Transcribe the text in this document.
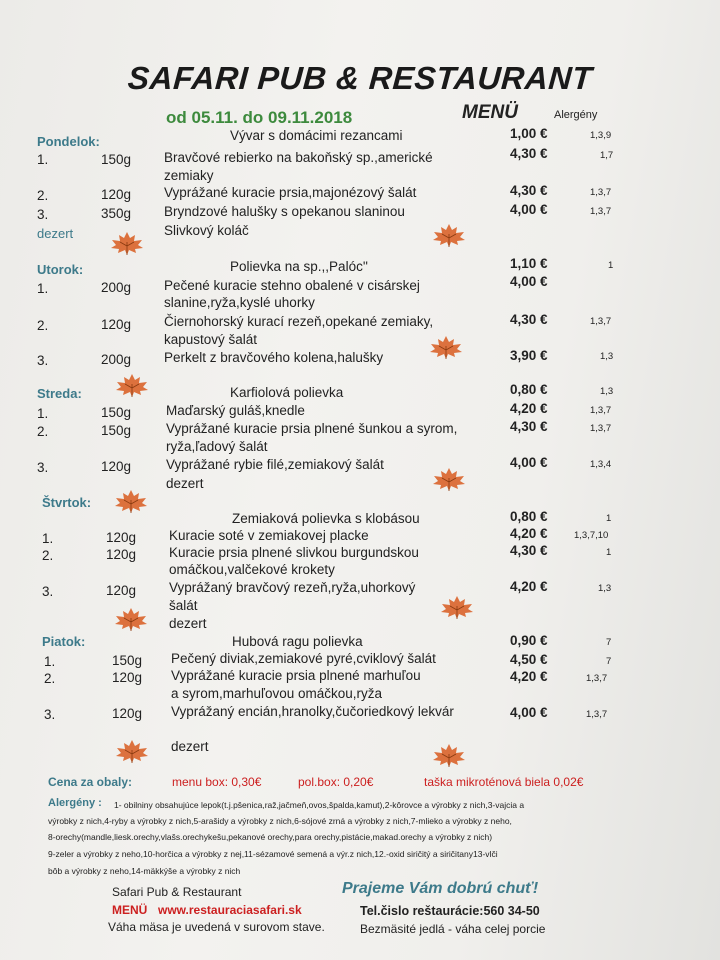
SAFARI PUB & RESTAURANT
od 05.11. do 09.11.2018	MENÜ	Alergény
Pondelok:	Vývar s domácimi rezancami	1,00 €	1,3,9
1.	150g Bravčové rebierko na bakoňský sp.,americké	4,30 €	1,7
zemiaky
2.	120g Vyprážané kuracie prsia,majonézový šalát	4,30 €	1,3,7
3.	350g Bryndzové halušky s opekanou slaninou	4,00 €	1,3,7
dezert	Slivkový koláč
Utorok:	Polievka na sp.,,Palóc''	1,10 €	1
1.	200g Pečené kuracie stehno obalené v cisárskej	4,00 €
slanine,ryža,kyslé uhorky
2.	120g Čiernohorský kurací rezeň,opekané zemiaky,	4,30 €	1,3,7
kapustový šalát
3.	200g Perkelt z bravčového kolena,halušky	3,90 €	1,3
Streda:	Karfiolová polievka	0,80 €	1,3
1.	150g	Maďarský guláš,knedle	4,20 €	1,3,7
2.	150g	Vyprážané kuracie prsia plnené šunkou a syrom,	4,30 €	1,3,7
ryža,ľadový šalát
3.	120g	Vyprážané rybie filé,zemiakový šalát	4,00 €	1,3,4
dezert
Štvrtok:
Zemiaková polievka s klobásou	0,80 €	1
1.	120g Kuracie soté v zemiakovej placke	4,20 €	1,3,7,10
2.	120g Kuracie prsia plnené slivkou burgundskou	4,30 €	1
omáčkou,valčekové krokety
3.	120g Vyprážaný bravčový rezeň,ryža,uhorkový	4,20 €	1,3
šalát
dezert
Piatok:	Hubová ragu polievka	0,90 €	7
1.	150g Pečený diviak,zemiakové pyré,cviklový šalát	4,50 €	7
2.	120g Vyprážané kuracie prsia plnené marhuľou	4,20 €	1,3,7
a syrom,marhuľovou omáčkou,ryža
3.	120g Vyprážaný encián,hranolky,čučoriedkový lekvár	4,00 €	1,3,7
dezert
Cena za obaly:	menu box: 0,30€	pol.box: 0,20€	taška mikroténová biela 0,02€
Alergény : 1- obilniny obsahujúce lepok(t.j.pšenica,raž,jačmeň,ovos,špalda,kamut),2-kôrovce a výrobky z nich,3-vajcia a
výrobky z nich,4-ryby a výrobky z nich,5-arašidy a výrobky z nich,6-sójové zrná a výrobky z nich,7-mlieko a výrobky z neho,
8-orechy(mandle,liesk.orechy,vlašs.orechykešu,pekanové orechy,para orechy,pistácie,makad.orechy a výrobky z nich)
9-zeler a výrobky z neho,10-horčica a výrobky z nej,11-sézamové semená a výr.z nich,12.-oxid siričitý a siričitany13-vlči
bôb a výrobky z neho,14-mäkkýše a výrobky z nich
Safari Pub & Restaurant
MENÜ www.restauraciasafari.sk
Váha mäsa je uvedená v surovom stave.
Prajeme Vám dobrú chuť!
Tel.čislo reštaurácie:560 34-50
Bezmäsité jedlá - váha celej porcie
